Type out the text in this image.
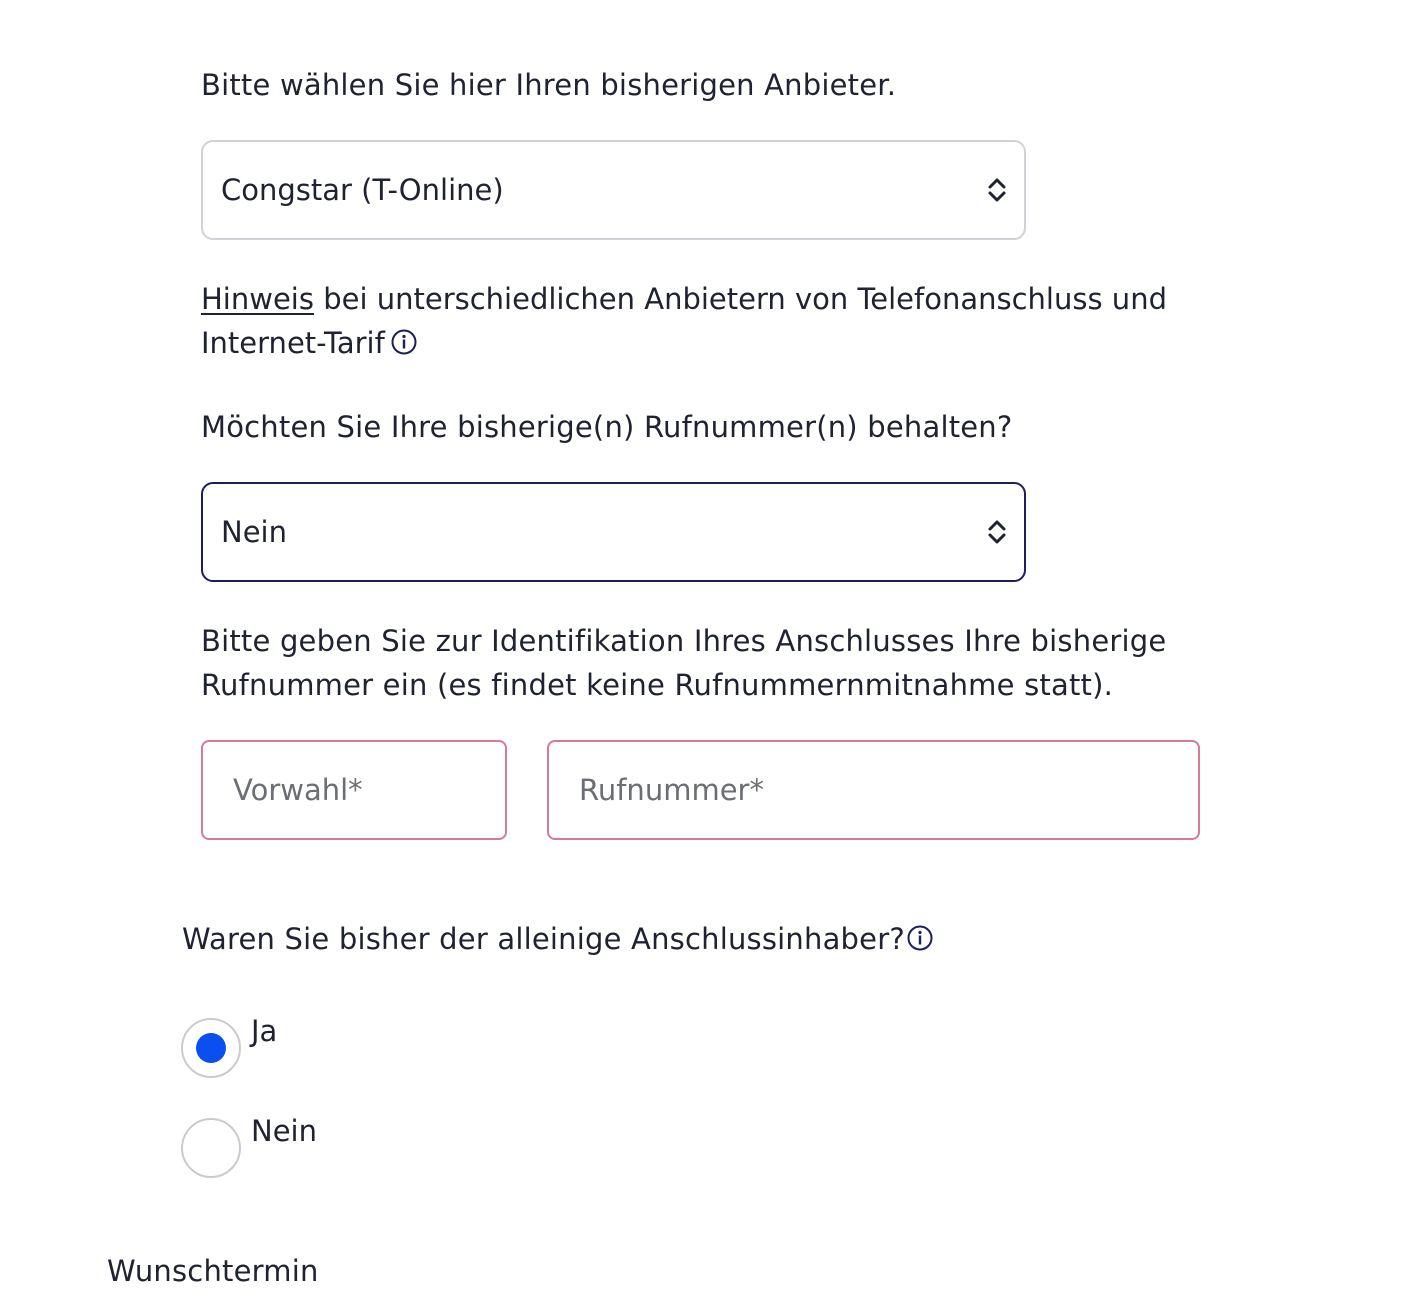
Bitte wählen Sie hier Ihren bisherigen Anbieter.
Congstar (T-Online)
Hinweis bei unterschiedlichen Anbietern von Telefonanschluss und
Internet-Tarif
Möchten Sie Ihre bisherige(n) Rufnummer(n) behalten?
Nein
Bitte geben Sie zur Identifikation Ihres Anschlusses Ihre bisherige
Rufnummer ein (es findet keine Rufnummernmitnahme statt).
Vorwahl*
Rufnummer*
Waren Sie bisher der alleinige Anschlussinhaber?
Ja
Nein
Wunschtermin
